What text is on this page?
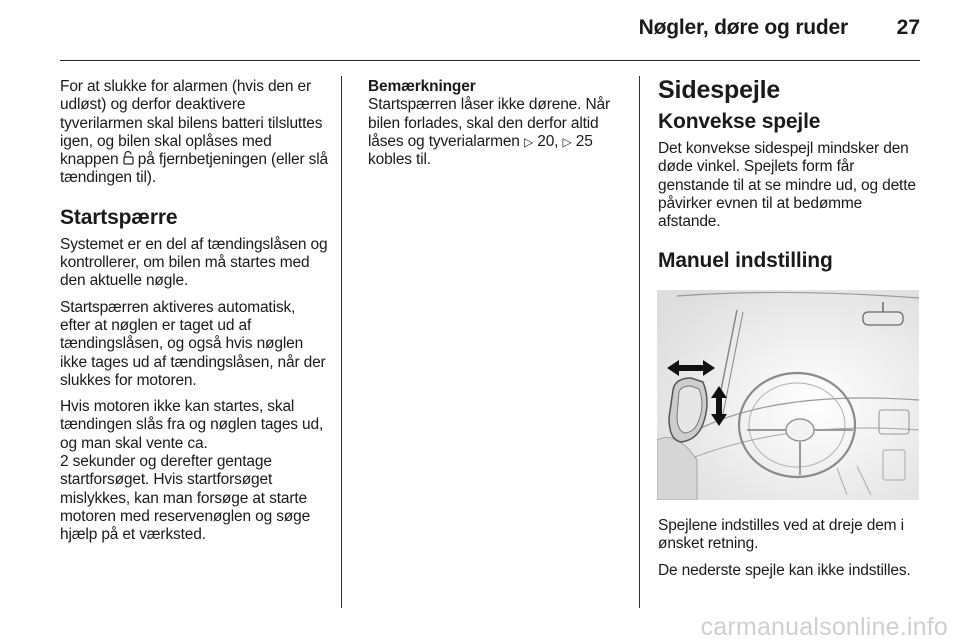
Nøgler, døre og ruder 27

For at slukke for alarmen (hvis den er udløst) og derfor deaktivere tyverilarmen skal bilens batteri tilsluttes igen, og bilen skal oplåses med knappen på fjernbetjeningen (eller slå tændingen til).

Startspærre

Systemet er en del af tændingslåsen og kontrollerer, om bilen må startes med den aktuelle nøgle.

Startspærren aktiveres automatisk, efter at nøglen er taget ud af tændingslåsen, og også hvis nøglen ikke tages ud af tændingslåsen, når der slukkes for motoren.

Hvis motoren ikke kan startes, skal tændingen slås fra og nøglen tages ud, og man skal vente ca.
2 sekunder og derefter gentage startforsøget. Hvis startforsøget mislykkes, kan man forsøge at starte motoren med reservenøglen og søge hjælp på et værksted.

Bemærkninger

Startspærren låser ikke dørene. Når bilen forlades, skal den derfor altid låses og tyverialarmen ▷ 20, ▷ 25 kobles til.

Sidespejle
Konvekse spejle

Det konvekse sidespejl mindsker den døde vinkel. Spejlets form får genstande til at se mindre ud, og dette påvirker evnen til at bedømme afstande.

Manuel indstilling

Spejlene indstilles ved at dreje dem i ønsket retning.

De nederste spejle kan ikke indstilles.

carmanualsonline.info
